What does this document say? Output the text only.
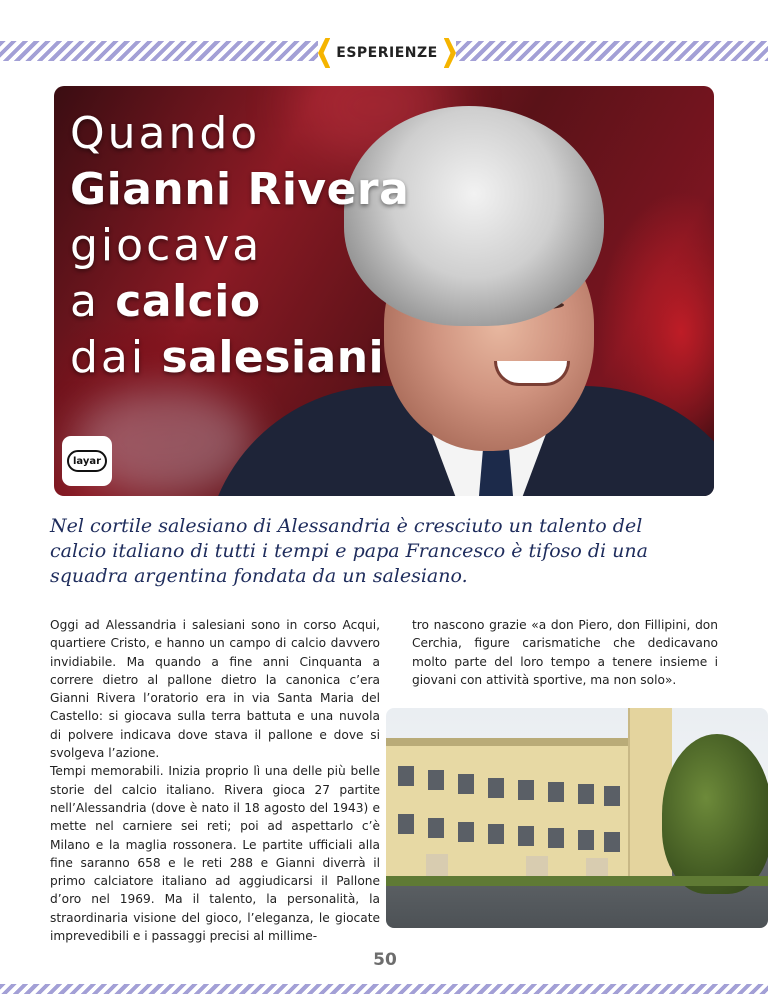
ESPERIENZE
Quando
Gianni Rivera
giocava
a calcio
dai salesiani
layar

Nel cortile salesiano di Alessandria è cresciuto un talento del calcio italiano di tutti i tempi e papa Francesco è tifoso di una squadra argentina fondata da un salesiano.

Oggi ad Alessandria i salesiani sono in corso Acqui, quartiere Cristo, e hanno un campo di calcio davvero invidiabile. Ma quando a fine anni Cinquanta a correre dietro al pallone dietro la canonica c’era Gianni Rivera l’oratorio era in via Santa Maria del Castello: si giocava sulla terra battuta e una nuvola di polvere indicava dove stava il pallone e dove si svolgeva l’azione.

Tempi memorabili. Inizia proprio lì una delle più belle storie del calcio italiano. Rivera gioca 27 partite nell’Alessandria (dove è nato il 18 agosto del 1943) e mette nel carniere sei reti; poi ad aspettarlo c’è Milano e la maglia rossonera. Le partite ufficiali alla fine saranno 658 e le reti 288 e Gianni diverrà il primo calciatore italiano ad aggiudicarsi il Pallone d’oro nel 1969. Ma il talento, la personalità, la straordinaria visione del gioco, l’eleganza, le giocate imprevedibili e i passaggi precisi al millime-

tro nascono grazie «a don Piero, don Fillipini, don Cerchia, figure carismatiche che dedicavano molto parte del loro tempo a tenere insieme i giovani con attività sportive, ma non solo».

50
